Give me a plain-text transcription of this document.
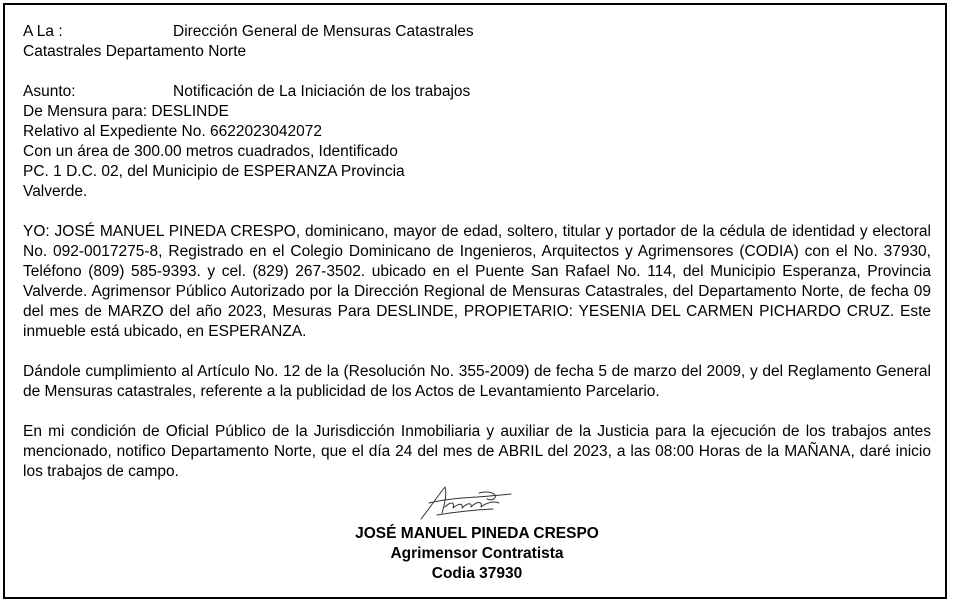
A La :	Dirección General de Mensuras Catastrales
Catastrales Departamento Norte
Asunto:	Notificación de La Iniciación de los trabajos
De Mensura para: DESLINDE
Relativo al Expediente No. 6622023042072
Con un área de 300.00 metros cuadrados, Identificado
PC. 1 D.C. 02, del Municipio de ESPERANZA Provincia
Valverde.
YO: JOSÉ MANUEL PINEDA CRESPO, dominicano, mayor de edad, soltero, titular y portador de la cédula de identidad y electoral No. 092-0017275-8, Registrado en el Colegio Dominicano de Ingenieros, Arquitectos y Agrimensores (CODIA) con el No. 37930, Teléfono (809) 585-9393. y cel. (829) 267-3502. ubicado en el Puente San Rafael No. 114, del Municipio Esperanza, Provincia Valverde. Agrimensor Público Autorizado por la Dirección Regional de Mensuras Catastrales, del Departamento Norte, de fecha 09 del mes de MARZO del año 2023, Mesuras Para DESLINDE, PROPIETARIO: YESENIA DEL CARMEN PICHARDO CRUZ. Este inmueble está ubicado, en ESPERANZA.
Dándole cumplimiento al Artículo No. 12 de la (Resolución No. 355-2009) de fecha 5 de marzo del 2009, y del Reglamento General de Mensuras catastrales, referente a la publicidad de los Actos de Levantamiento Parcelario.
En mi condición de Oficial Público de la Jurisdicción Inmobiliaria y auxiliar de la Justicia para la ejecución de los trabajos antes mencionado, notifico Departamento Norte, que el día 24 del mes de ABRIL del 2023, a las 08:00 Horas de la MAÑANA, daré inicio los trabajos de campo.
JOSÉ MANUEL PINEDA CRESPO
Agrimensor Contratista
Codia 37930
